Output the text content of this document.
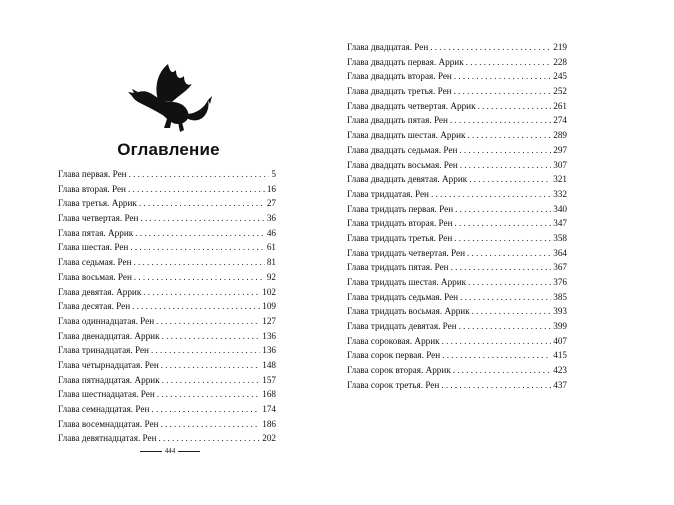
Оглавление
Глава первая. Рен . . .	5
Глава вторая. Рен . . .	16
Глава третья. Аррик . . .	27
Глава четвертая. Рен . . .	36
Глава пятая. Аррик . . .	46
Глава шестая. Рен . . .	61
Глава седьмая. Рен . . .	81
Глава восьмая. Рен . . .	92
Глава девятая. Аррик . . .	102
Глава десятая. Рен . . .	109
Глава одиннадцатая. Рен . . .	127
Глава двенадцатая. Аррик . . .	136
Глава тринадцатая. Рен . . .	136
Глава четырнадцатая. Рен . . .	148
Глава пятнадцатая. Аррик . . .	157
Глава шестнадцатая. Рен . . .	168
Глава семнадцатая. Рен . . .	174
Глава восемнадцатая. Рен . . .	186
Глава девятнадцатая. Рен . . .	202
444
Глава двадцатая. Рен . . .	219
Глава двадцать первая. Аррик . . .	228
Глава двадцать вторая. Рен . . .	245
Глава двадцать третья. Рен . . .	252
Глава двадцать четвертая. Аррик . . .	261
Глава двадцать пятая. Рен . . .	274
Глава двадцать шестая. Аррик . . .	289
Глава двадцать седьмая. Рен . . .	297
Глава двадцать восьмая. Рен . . .	307
Глава двадцать девятая. Аррик . . .	321
Глава тридцатая. Рен . . .	332
Глава тридцать первая. Рен . . .	340
Глава тридцать вторая. Рен . . .	347
Глава тридцать третья. Рен . . .	358
Глава тридцать четвертая. Рен . . .	364
Глава тридцать пятая. Рен . . .	367
Глава тридцать шестая. Аррик . . .	376
Глава тридцать седьмая. Рен . . .	385
Глава тридцать восьмая. Аррик . . .	393
Глава тридцать девятая. Рен . . .	399
Глава сороковая. Аррик . . .	407
Глава сорок первая. Рен . . .	415
Глава сорок вторая. Аррик . . .	423
Глава сорок третья. Рен . . .	437
